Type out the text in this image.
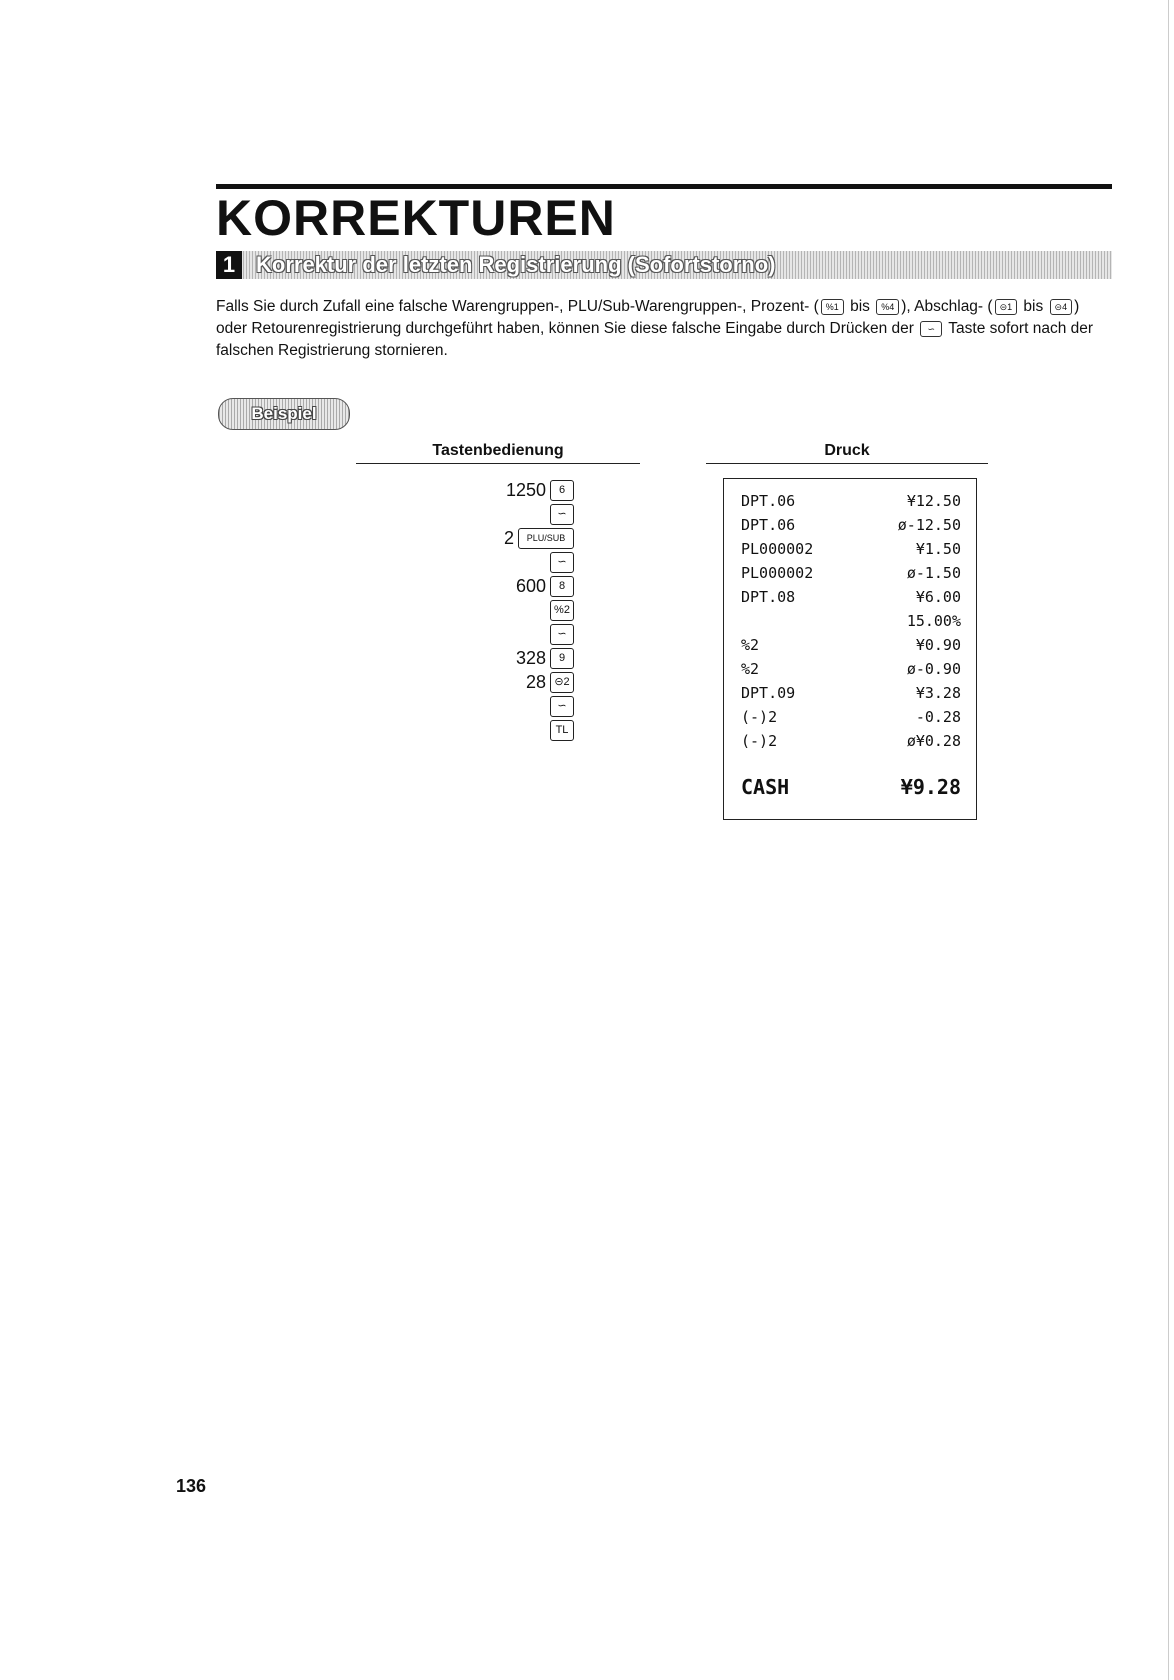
KORREKTUREN
1 Korrektur der letzten Registrierung (Sofortstorno)

Falls Sie durch Zufall eine falsche Warengruppen-, PLU/Sub-Warengruppen-, Prozent- ( %1 bis %4 ), Abschlag- ( ⊝1 bis ⊝4 ) oder Retourenregistrierung durchgeführt haben, können Sie diese falsche Eingabe durch Drücken der ∽ Taste sofort nach der falschen Registrierung stornieren.

Beispiel
Tastenbedienung	Druck
1250	6
∽
2	PLU/SUB
∽
600	8
%2
∽
328	9
28 ⊝2
∽
TL
DPT.06	¥12.50
DPT.06	ø-12.50
PL000002	¥1.50
PL000002	ø-1.50
DPT.08	¥6.00
15.00%
%2	¥0.90
%2	ø-0.90
DPT.09	¥3.28
(-)2	-0.28
(-)2	ø¥0.28
CASH	¥9.28
136
